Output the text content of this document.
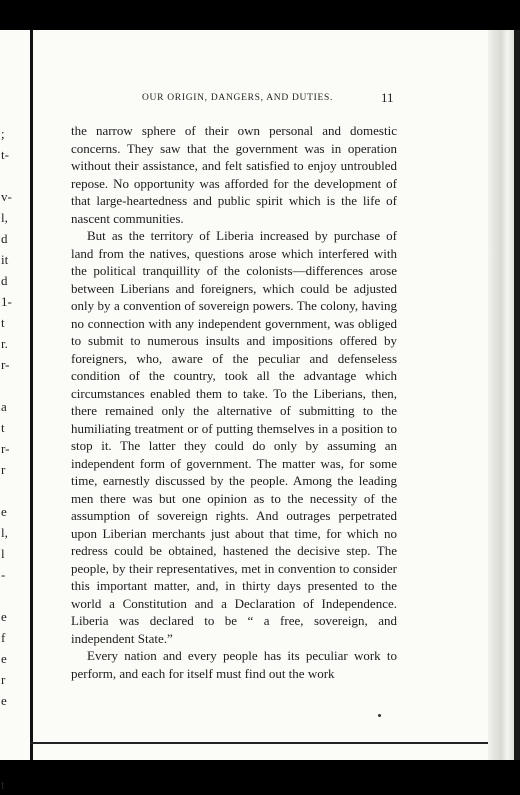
;
t-
v-
l,
d
it
d
1-
t
r.
r-
a
t
r-
r
e
l,
l
-
e
f
e
r
e
t
OUR ORIGIN, DANGERS, AND DUTIES.	11

the narrow sphere of their own personal and domestic concerns. They saw that the government was in operation without their assistance, and felt satisfied to enjoy untroubled repose. No opportunity was afforded for the development of that large-heartedness and public spirit which is the life of nascent communities.

But as the territory of Liberia increased by purchase of land from the natives, questions arose which interfered with the political tranquillity of the colonists—differences arose between Liberians and foreigners, which could be adjusted only by a convention of sovereign powers. The colony, having no connection with any independent government, was obliged to submit to numerous insults and impositions offered by foreigners, who, aware of the peculiar and defenseless condition of the country, took all the advantage which circumstances enabled them to take. To the Liberians, then, there remained only the alternative of submitting to the humiliating treatment or of putting themselves in a position to stop it. The latter they could do only by assuming an independent form of government. The matter was, for some time, earnestly discussed by the people. Among the leading men there was but one opinion as to the necessity of the assumption of sovereign rights. And outrages perpetrated upon Liberian merchants just about that time, for which no redress could be obtained, hastened the decisive step. The people, by their representatives, met in convention to consider this important matter, and, in thirty days presented to the world a Constitution and a Declaration of Independence. Liberia was declared to be “ a free, sovereign, and independent State.”

Every nation and every people has its peculiar work to perform, and each for itself must find out the work
